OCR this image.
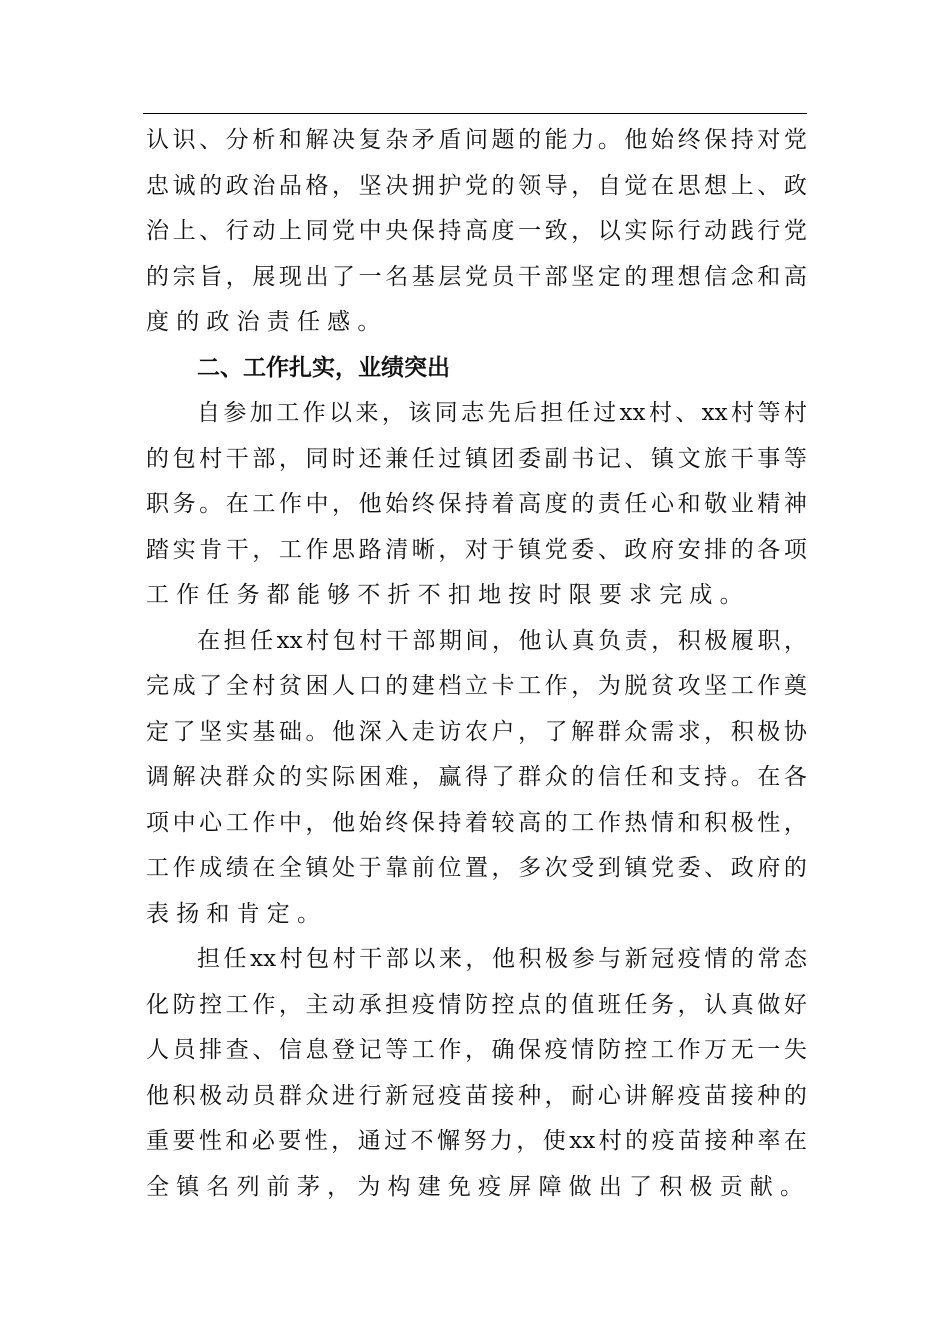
认 识 、 分 析 和 解 决 复 杂 矛 盾 问 题 的 能 力 。 他 始 终 保 持 对 党
忠 诚 的 政 治 品 格 ， 坚 决 拥 护 党 的 领 导 ， 自 觉 在 思 想 上 、 政
治 上 、 行 动 上 同 党 中 央 保 持 高 度 一 致 ， 以 实 际 行 动 践 行 党
的 宗 旨 ， 展 现 出 了 一 名 基 层 党 员 干 部 坚 定 的 理 想 信 念 和 高
度 的 政 治 责 任 感 。
二、工作扎实，业绩突出
自 参 加 工 作 以 来 ， 该 同 志 先 后 担 任 过 xx 村 、 xx 村 等 村
的 包 村 干 部 ， 同 时 还 兼 任 过 镇 团 委 副 书 记 、 镇 文 旅 干 事 等
职 务 。 在 工 作 中 ， 他 始 终 保 持 着 高 度 的 责 任 心 和 敬 业 精 神
踏 实 肯 干 ， 工 作 思 路 清 晰 ， 对 于 镇 党 委 、 政 府 安 排 的 各 项
工 作 任 务 都 能 够 不 折 不 扣 地 按 时 限 要 求 完 成 。
在 担 任 xx 村 包 村 干 部 期 间 ， 他 认 真 负 责 ， 积 极 履 职 ，
完 成 了 全 村 贫 困 人 口 的 建 档 立 卡 工 作 ， 为 脱 贫 攻 坚 工 作 奠
定 了 坚 实 基 础 。 他 深 入 走 访 农 户 ， 了 解 群 众 需 求 ， 积 极 协
调 解 决 群 众 的 实 际 困 难 ， 赢 得 了 群 众 的 信 任 和 支 持 。 在 各
项 中 心 工 作 中 ， 他 始 终 保 持 着 较 高 的 工 作 热 情 和 积 极 性 ，
工 作 成 绩 在 全 镇 处 于 靠 前 位 置 ， 多 次 受 到 镇 党 委 、 政 府 的
表 扬 和 肯 定 。
担 任 xx 村 包 村 干 部 以 来 ， 他 积 极 参 与 新 冠 疫 情 的 常 态
化 防 控 工 作 ， 主 动 承 担 疫 情 防 控 点 的 值 班 任 务 ， 认 真 做 好
人 员 排 查 、 信 息 登 记 等 工 作 ， 确 保 疫 情 防 控 工 作 万 无 一 失
他 积 极 动 员 群 众 进 行 新 冠 疫 苗 接 种 ， 耐 心 讲 解 疫 苗 接 种 的
重 要 性 和 必 要 性 ， 通 过 不 懈 努 力 ， 使 xx 村 的 疫 苗 接 种 率 在
全 镇 名 列 前 茅 ， 为 构 建 免 疫 屏 障 做 出 了 积 极 贡 献 。
